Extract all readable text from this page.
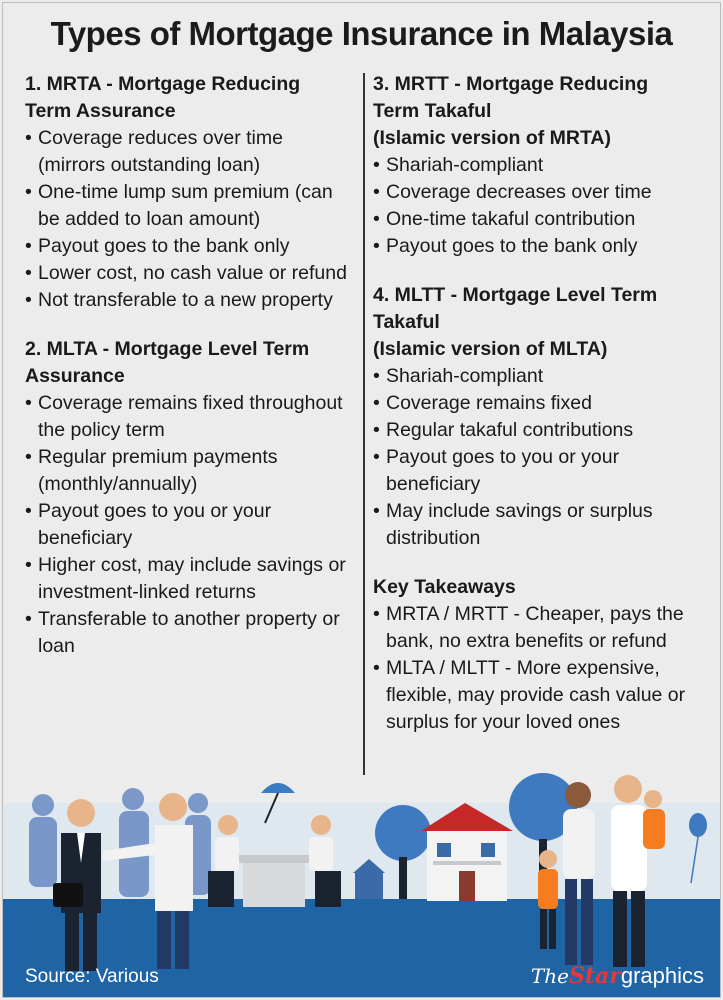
Types of Mortgage Insurance in Malaysia
1. MRTA - Mortgage Reducing
Term Assurance
• Coverage reduces over time (mirrors outstanding loan)
• One-time lump sum premium (can be added to loan amount)
• Payout goes to the bank only
• Lower cost, no cash value or refund
• Not transferable to a new property
2. MLTA - Mortgage Level Term
Assurance
• Coverage remains fixed throughout the policy term
• Regular premium payments (monthly/annually)
• Payout goes to you or your beneficiary
• Higher cost, may include savings or investment-linked returns
• Transferable to another property or loan
3. MRTT - Mortgage Reducing
Term Takaful
(Islamic version of MRTA)
• Shariah-compliant
• Coverage decreases over time
• One-time takaful contribution
• Payout goes to the bank only
4. MLTT - Mortgage Level Term
Takaful
(Islamic version of MLTA)
• Shariah-compliant
• Coverage remains fixed
• Regular takaful contributions
• Payout goes to you or your beneficiary
• May include savings or surplus distribution
Key Takeaways
• MRTA / MRTT - Cheaper, pays the bank, no extra benefits or refund
• MLTA / MLTT - More expensive, flexible, may provide cash value or surplus for your loved ones
Source: Various	TheStargraphics
